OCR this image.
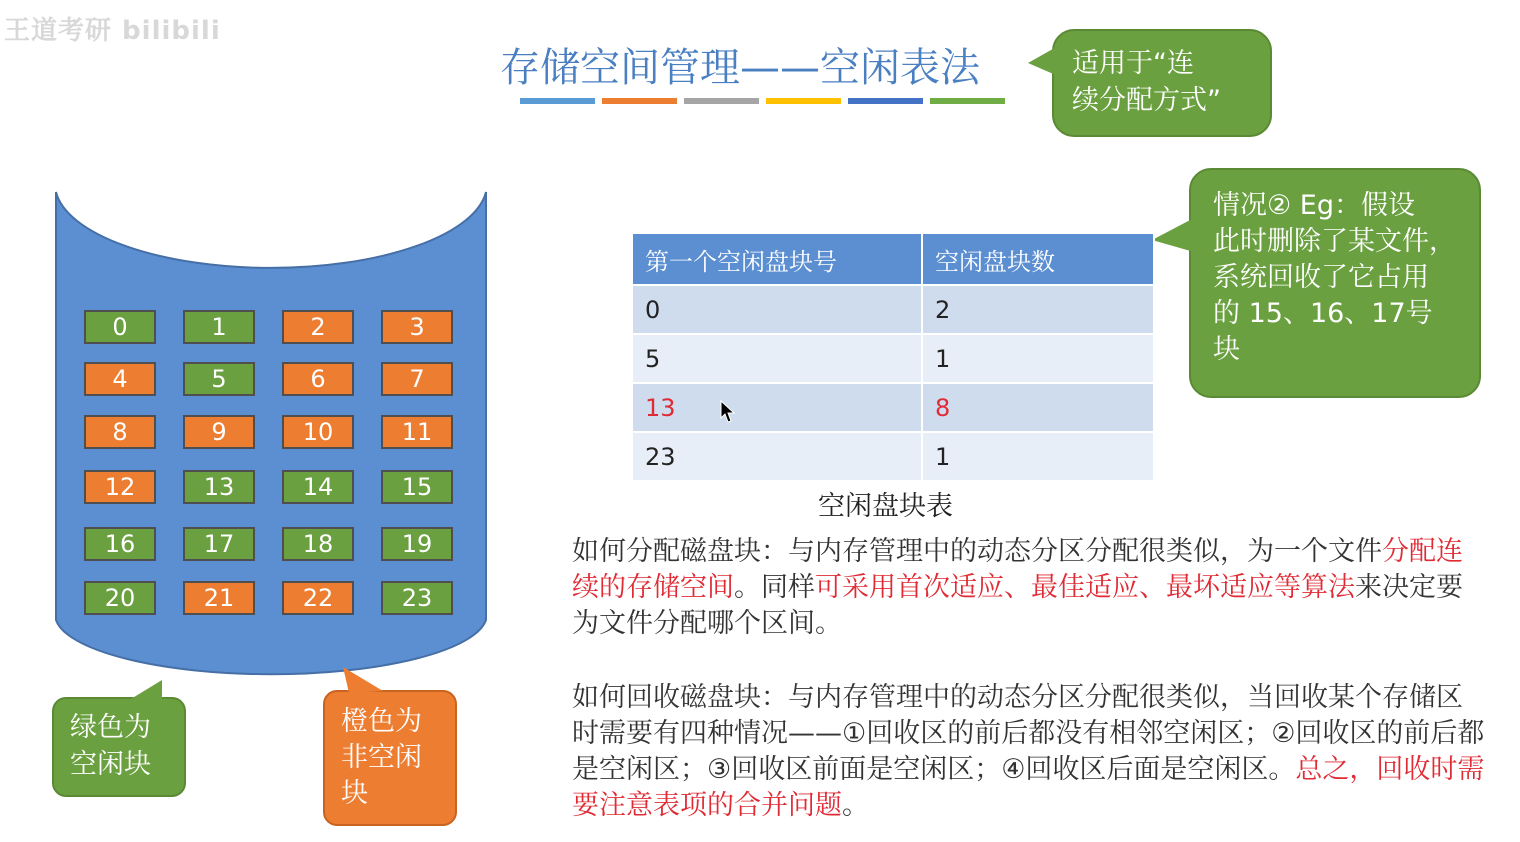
王道考研 bilibili
存储空间管理——空闲表法	适用于“连
续分配方式”
情况② Eg：假设
此时删除了某文件，
系统回收了它占用
的 15、16、17号
块
0	1	2	3
4	5	6	7
8	9	10	11
12	13	14	15
16	17	18	19
20	21	22	23
绿色为
空闲块
橙色为
非空闲
块
第一个空闲盘块号	空闲盘块数
0	2
5	1
13	8
23	1
空闲盘块表
如何分配磁盘块：与内存管理中的动态分区分配很类似，为一个文件分配连续的存储空间。同样可采用首次适应、最佳适应、最坏适应等算法来决定要为文件分配哪个区间。
如何回收磁盘块：与内存管理中的动态分区分配很类似，当回收某个存储区时需要有四种情况——①回收区的前后都没有相邻空闲区；②回收区的前后都是空闲区；③回收区前面是空闲区；④回收区后面是空闲区。总之，回收时需要注意表项的合并问题。
